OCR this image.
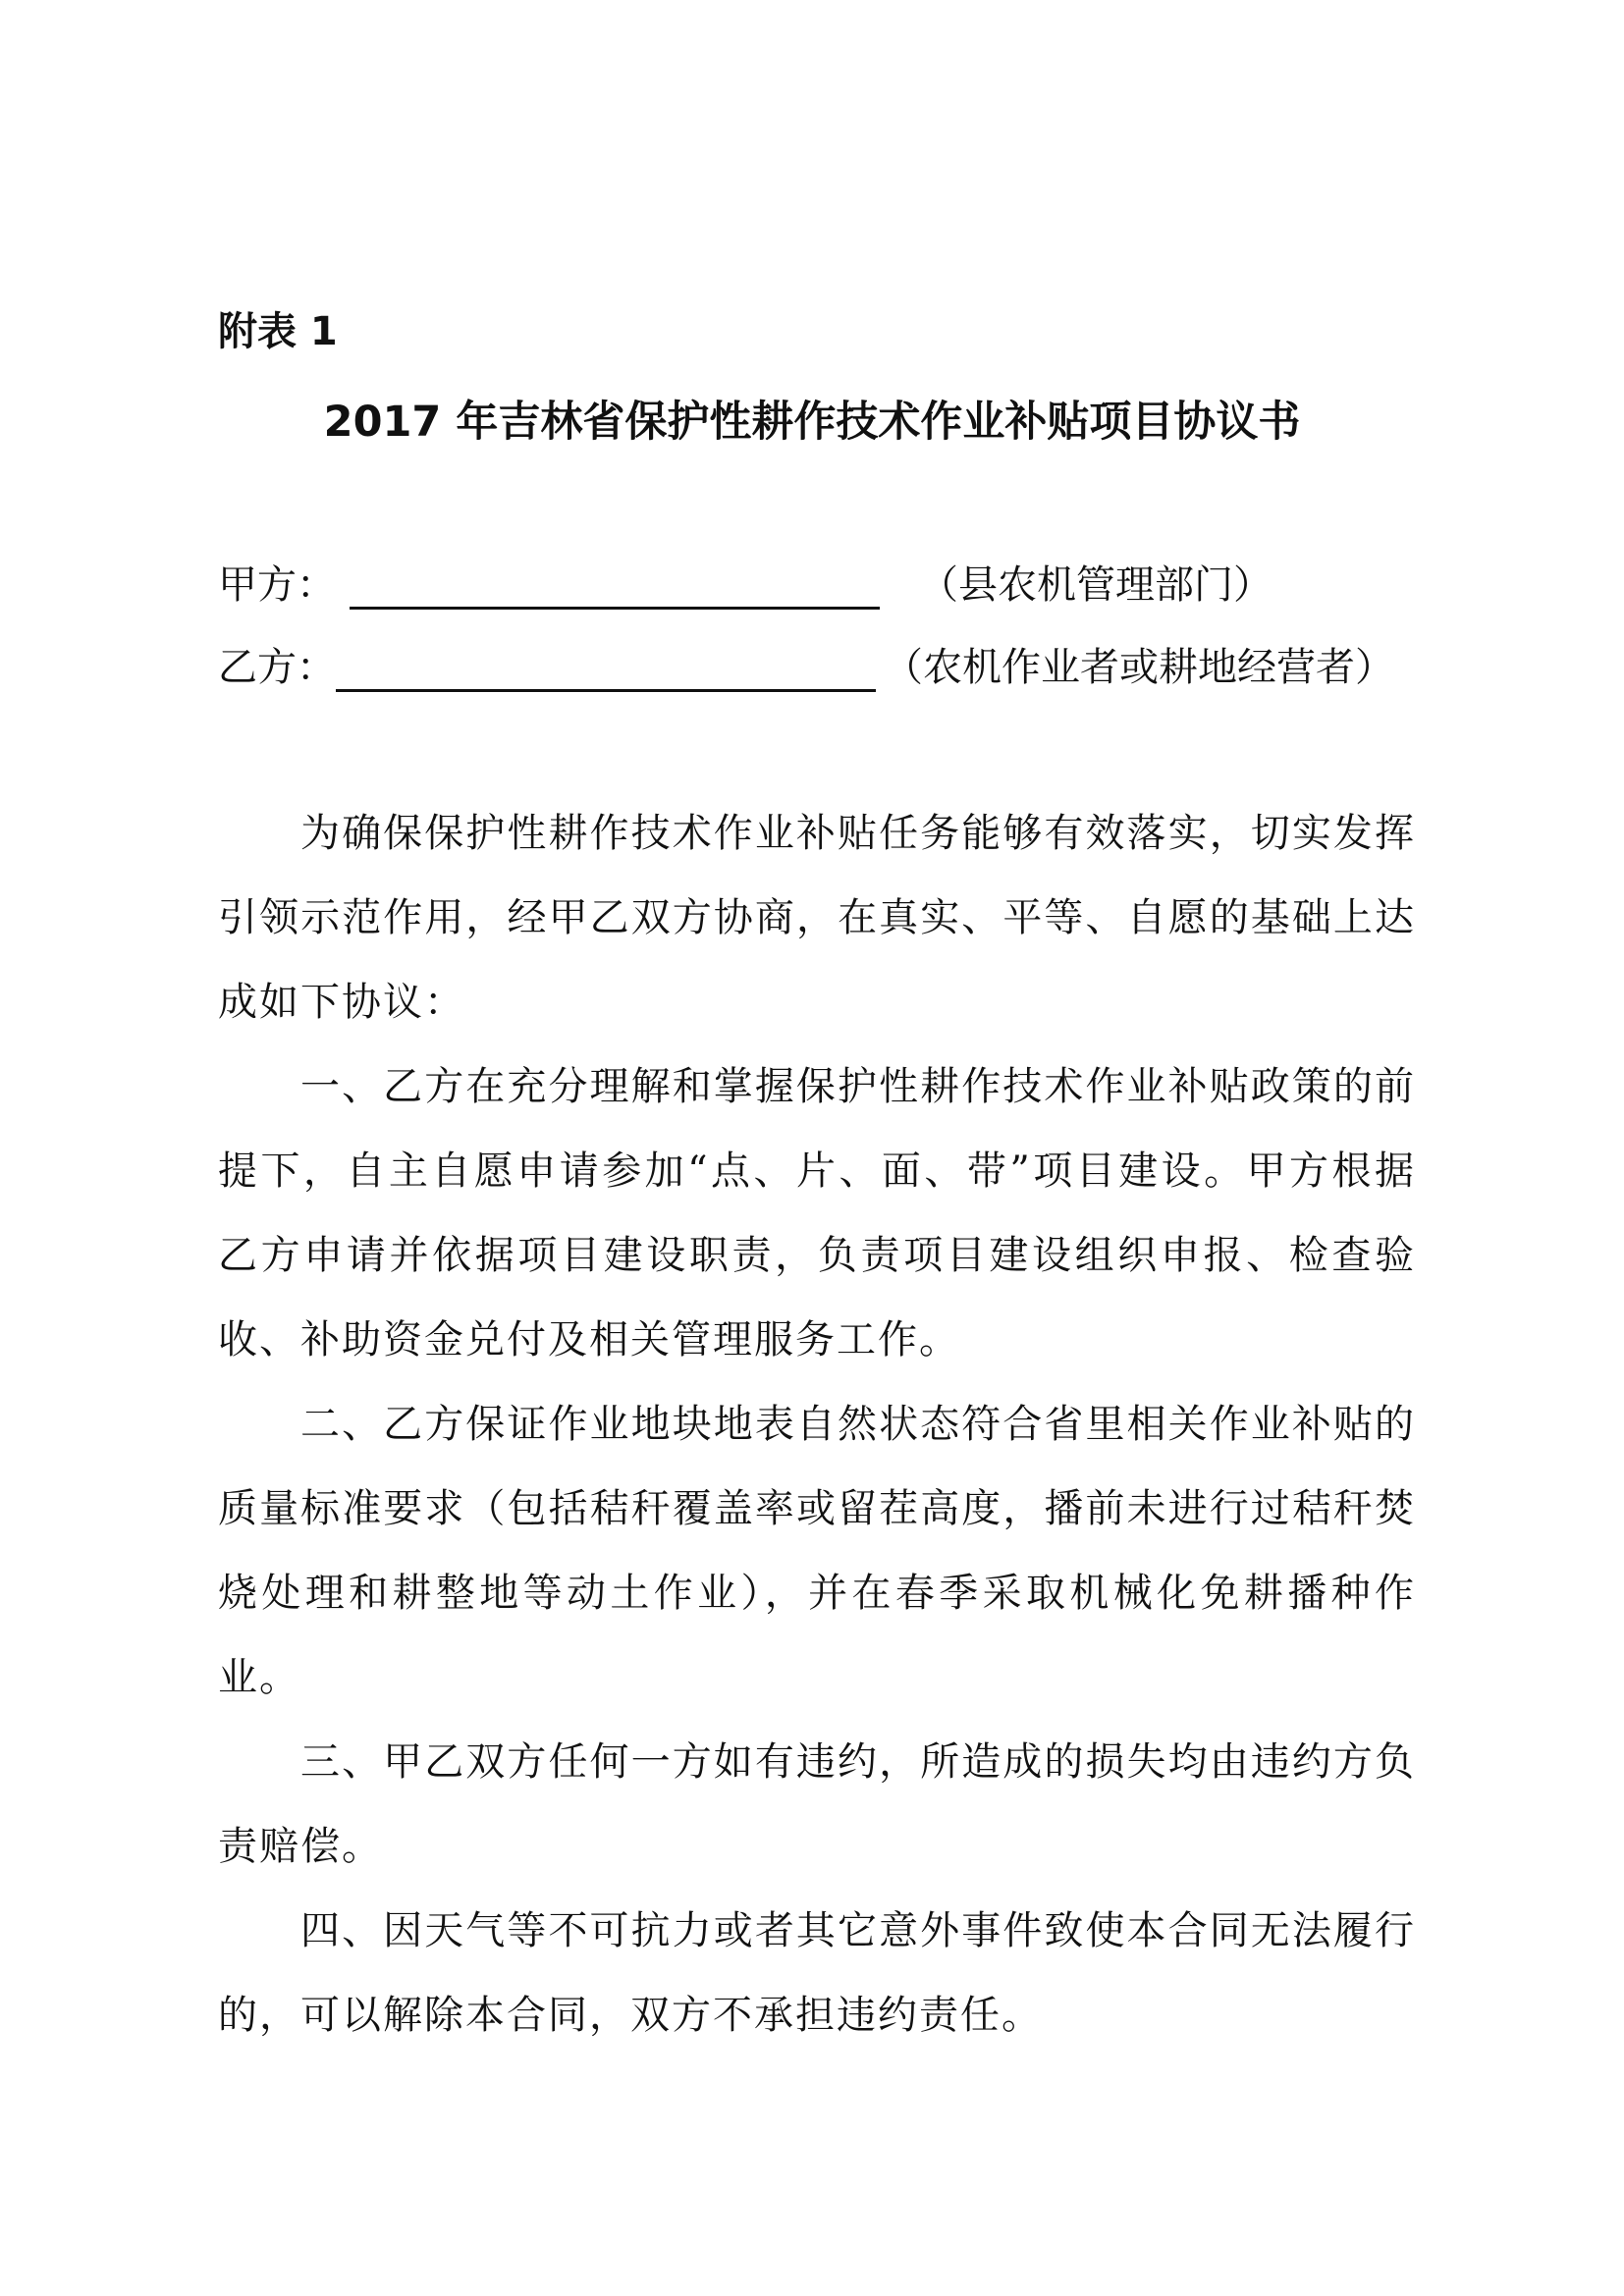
附表 1
2017 年吉林省保护性耕作技术作业补贴项目协议书
甲方：	（县农机管理部门）
乙方：	（农机作业者或耕地经营者）

为确保保护性耕作技术作业补贴任务能够有效落实，切实发挥引领示范作用，经甲乙双方协商，在真实、平等、自愿的基础上达成如下协议：

一、乙方在充分理解和掌握保护性耕作技术作业补贴政策的前提下，自主自愿申请参加“点、片、面、带”项目建设。甲方根据乙方申请并依据项目建设职责，负责项目建设组织申报、检查验收、补助资金兑付及相关管理服务工作。

二、乙方保证作业地块地表自然状态符合省里相关作业补贴的质量标准要求（包括秸秆覆盖率或留茬高度，播前未进行过秸秆焚烧处理和耕整地等动土作业），并在春季采取机械化免耕播种作业。

三、甲乙双方任何一方如有违约，所造成的损失均由违约方负责赔偿。

四、因天气等不可抗力或者其它意外事件致使本合同无法履行的，可以解除本合同，双方不承担违约责任。
